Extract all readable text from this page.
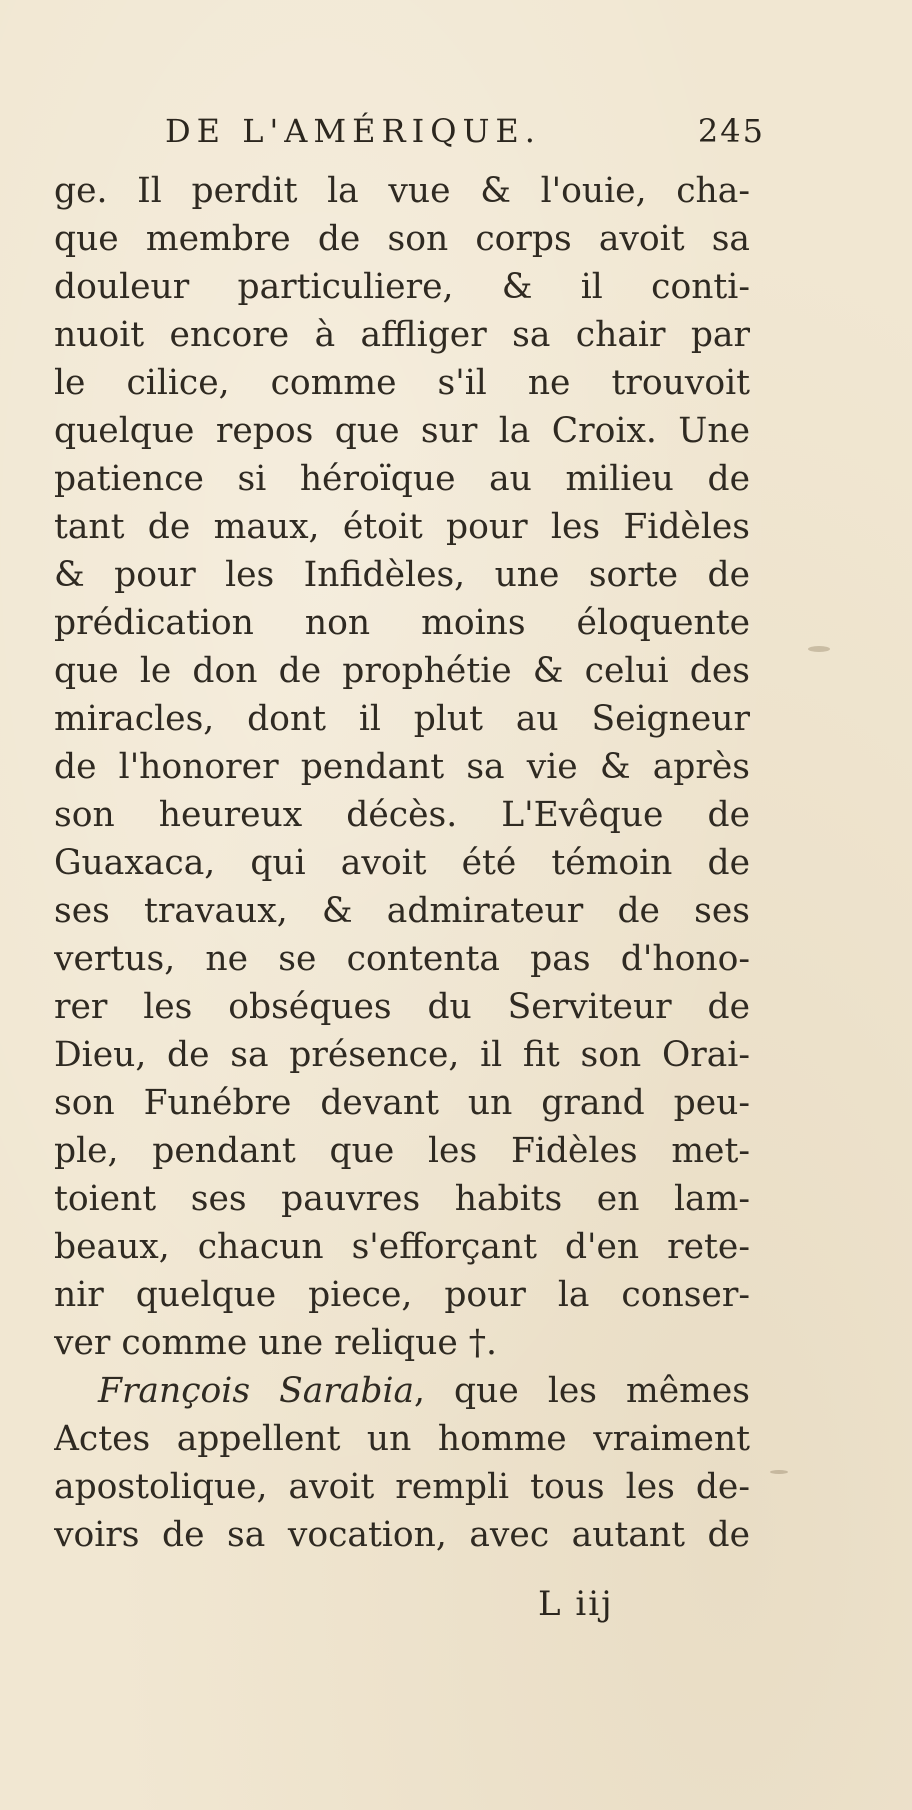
DE L'AMÉRIQUE.	245
ge. Il perdit la vue & l'ouie, cha-
que membre de son corps avoit sa
douleur particuliere, & il conti-
nuoit encore à affliger sa chair par
le cilice, comme s'il ne trouvoit
quelque repos que sur la Croix. Une
patience si héroïque au milieu de
tant de maux, étoit pour les Fidèles
& pour les Infidèles, une sorte de
prédication non moins éloquente
que le don de prophétie & celui des
miracles, dont il plut au Seigneur
de l'honorer pendant sa vie & après
son heureux décès. L'Evêque de
Guaxaca, qui avoit été témoin de
ses travaux, & admirateur de ses
vertus, ne se contenta pas d'hono-
rer les obséques du Serviteur de
Dieu, de sa présence, il fit son Orai-
son Funébre devant un grand peu-
ple, pendant que les Fidèles met-
toient ses pauvres habits en lam-
beaux, chacun s'efforçant d'en rete-
nir quelque piece, pour la conser-
ver comme une relique †.
François Sarabia, que les mêmes
Actes appellent un homme vraiment
apostolique, avoit rempli tous les de-
voirs de sa vocation, avec autant de
L iij
